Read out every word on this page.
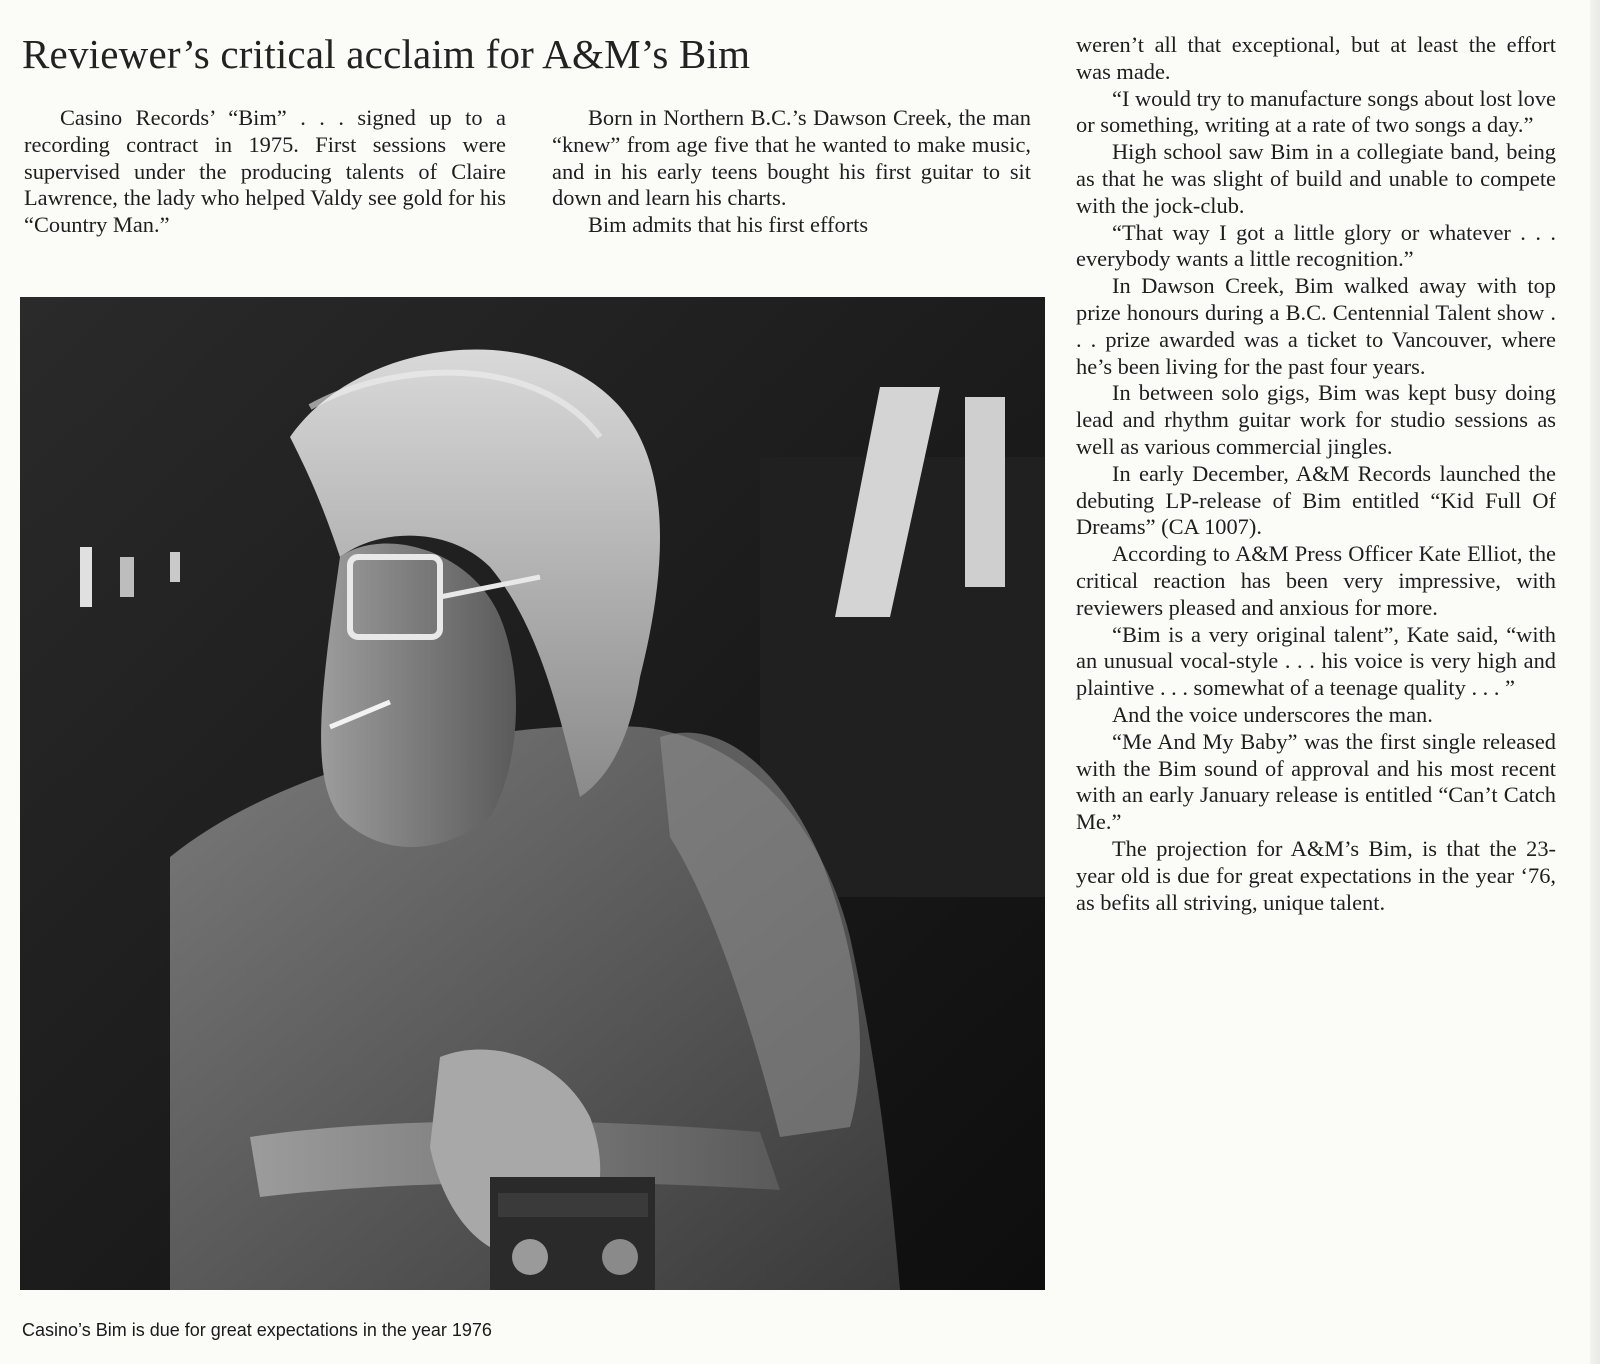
Reviewer’s critical acclaim for A&M’s Bim

Casino Records’ “Bim” . . . signed up to a recording contract in 1975. First sessions were supervised under the producing talents of Claire Lawrence, the lady who helped Valdy see gold for his “Country Man.”

Born in Northern B.C.’s Dawson Creek, the man “knew” from age five that he wanted to make music, and in his early teens bought his first guitar to sit down and learn his charts.

Bim admits that his first efforts

Casino’s Bim is due for great expectations in the year 1976

weren’t all that exceptional, but at least the effort was made.

“I would try to manufacture songs about lost love or something, writing at a rate of two songs a day.”

High school saw Bim in a collegiate band, being as that he was slight of build and unable to compete with the jock-club.

“That way I got a little glory or whatever . . . everybody wants a little recognition.”

In Dawson Creek, Bim walked away with top prize honours during a B.C. Centennial Talent show . . . prize awarded was a ticket to Vancouver, where he’s been living for the past four years.

In between solo gigs, Bim was kept busy doing lead and rhythm guitar work for studio sessions as well as various commercial jingles.

In early December, A&M Records launched the debuting LP-release of Bim entitled “Kid Full Of Dreams” (CA 1007).

According to A&M Press Officer Kate Elliot, the critical reaction has been very impressive, with reviewers pleased and anxious for more.

“Bim is a very original talent”, Kate said, “with an unusual vocal-style . . . his voice is very high and plaintive . . . somewhat of a teenage quality . . . ”

And the voice underscores the man.

“Me And My Baby” was the first single released with the Bim sound of approval and his most recent with an early January release is entitled “Can’t Catch Me.”

The projection for A&M’s Bim, is that the 23-year old is due for great expectations in the year ‘76, as befits all striving, unique talent.
